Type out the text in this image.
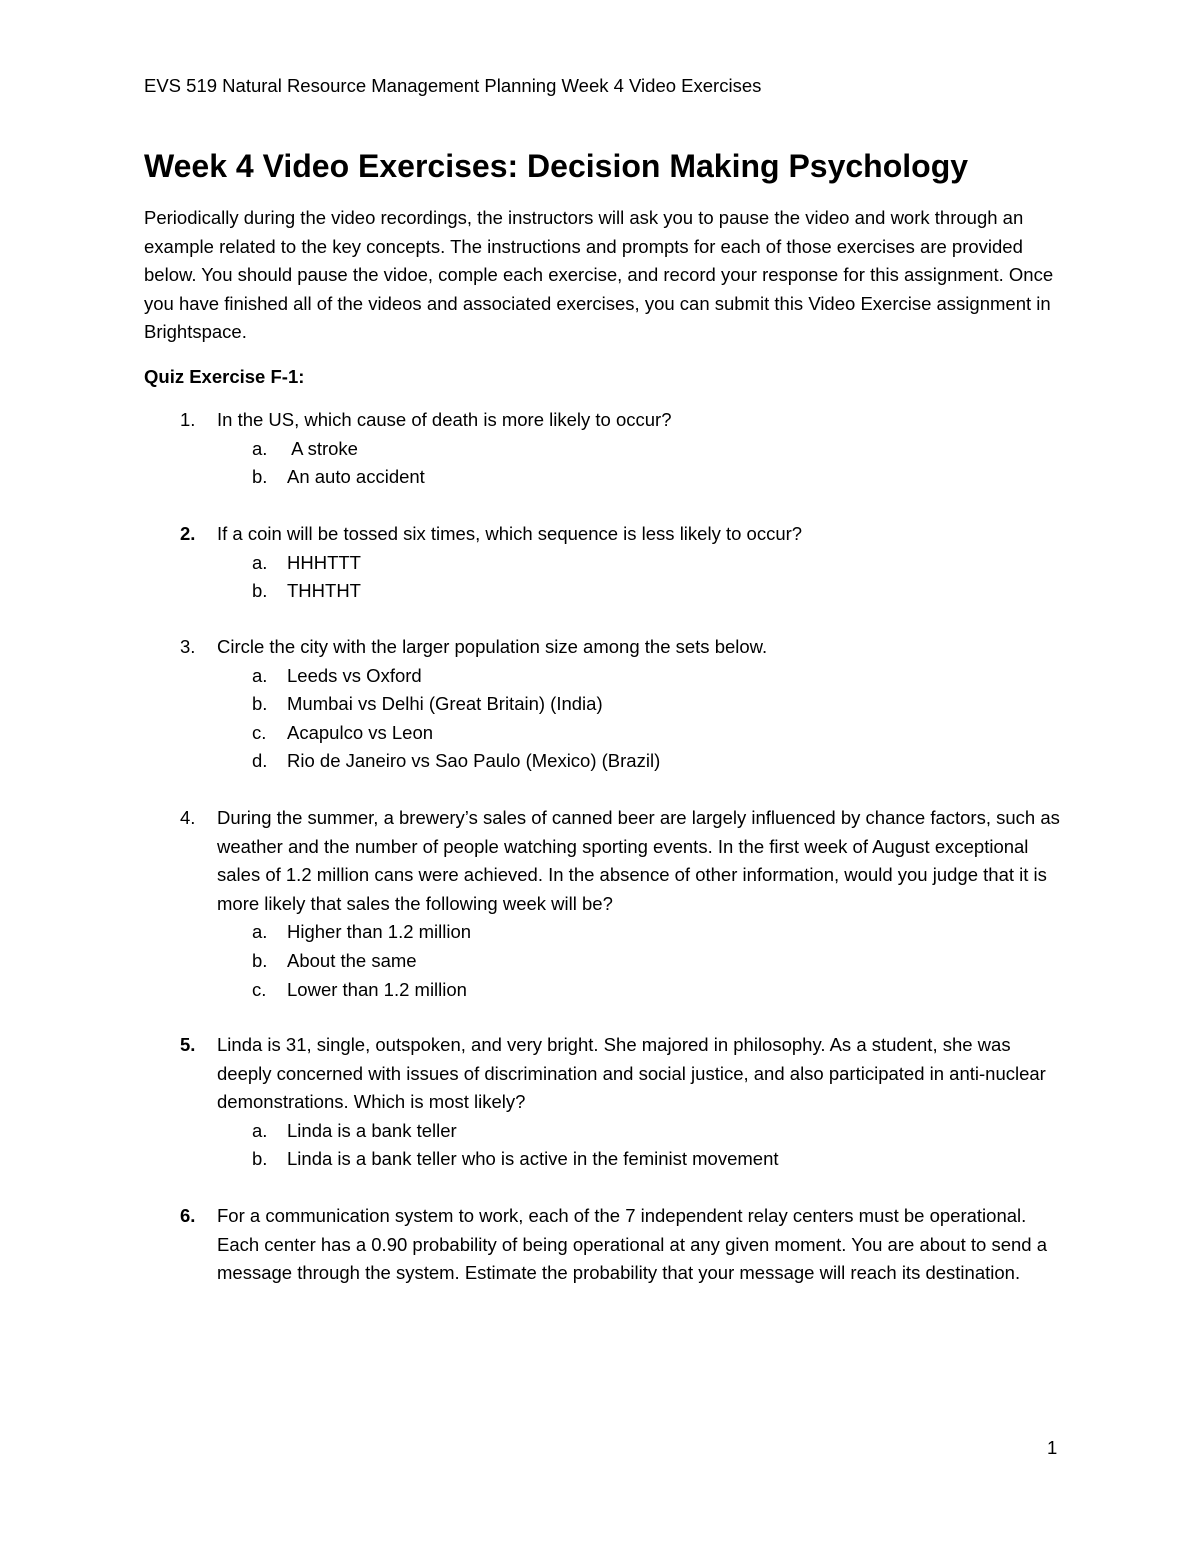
EVS 519 Natural Resource Management Planning Week 4 Video Exercises
Week 4 Video Exercises: Decision Making Psychology

Periodically during the video recordings, the instructors will ask you to pause the video and work through an example related to the key concepts. The instructions and prompts for each of those exercises are provided below. You should pause the vidoe, comple each exercise, and record your response for this assignment. Once you have finished all of the videos and associated exercises, you can submit this Video Exercise assignment in Brightspace.

Quiz Exercise F-1:
1.	In the US, which cause of death is more likely to occur?
a. A stroke
b. An auto accident
2.	If a coin will be tossed six times, which sequence is less likely to occur?
a. HHHTTT
b. THHTHT
3.	Circle the city with the larger population size among the sets below.
a. Leeds vs Oxford
b. Mumbai vs Delhi (Great Britain) (India)
c. Acapulco vs Leon
d. Rio de Janeiro vs Sao Paulo (Mexico) (Brazil)
4.	During the summer, a brewery’s sales of canned beer are largely influenced by chance factors, such as weather and the number of people watching sporting events. In the first week of August exceptional sales of 1.2 million cans were achieved. In the absence of other information, would you judge that it is more likely that sales the following week will be?
a. Higher than 1.2 million
b. About the same
c. Lower than 1.2 million
5.	Linda is 31, single, outspoken, and very bright. She majored in philosophy. As a student, she was deeply concerned with issues of discrimination and social justice, and also participated in anti-nuclear demonstrations. Which is most likely?
a. Linda is a bank teller
b. Linda is a bank teller who is active in the feminist movement
6.	For a communication system to work, each of the 7 independent relay centers must be operational. Each center has a 0.90 probability of being operational at any given moment. You are about to send a message through the system. Estimate the probability that your message will reach its destination.
1
